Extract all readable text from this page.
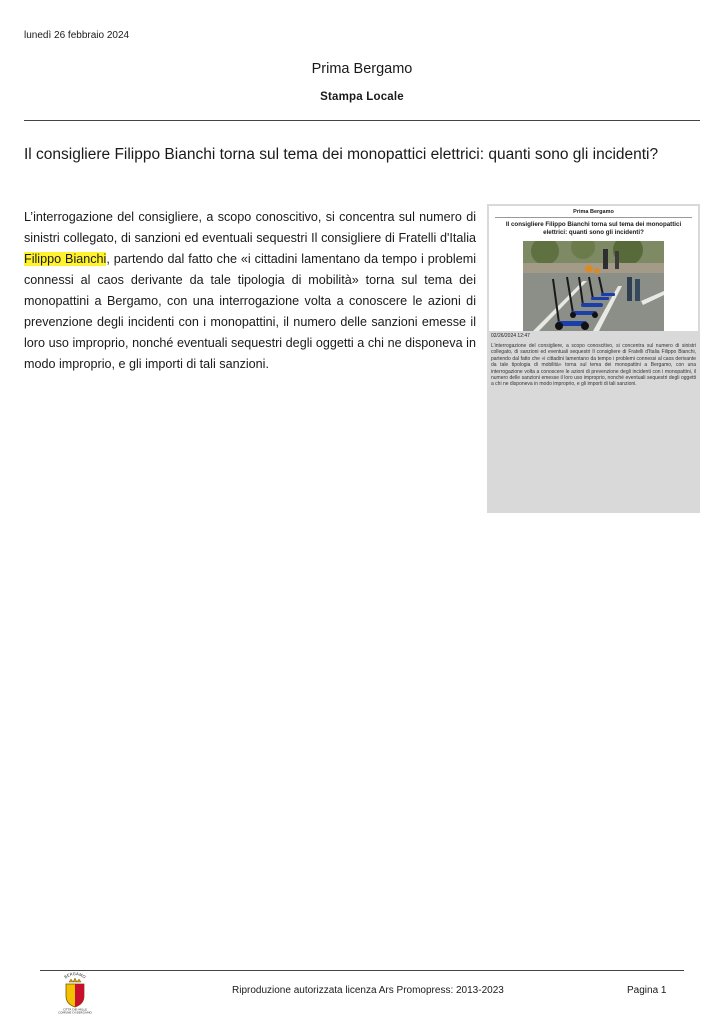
lunedì 26 febbraio 2024
Prima Bergamo
Stampa Locale
Il consigliere Filippo Bianchi torna sul tema dei monopattici elettrici: quanti sono gli incidenti?

L’interrogazione del consigliere, a scopo conoscitivo, si concentra sul numero di sinistri collegato, di sanzioni ed eventuali sequestri Il consigliere di Fratelli d'Italia Filippo Bianchi, partendo dal fatto che «i cittadini lamentano da tempo i problemi connessi al caos derivante da tale tipologia di mobilità» torna sul tema dei monopattini a Bergamo, con una interrogazione volta a conoscere le azioni di prevenzione degli incidenti con i monopattini, il numero delle sanzioni emesse il loro uso improprio, nonché eventuali sequestri degli oggetti a chi ne disponeva in modo improprio, e gli importi di tali sanzioni.

Prima Bergamo
Il consigliere Filippo Bianchi torna sul tema dei monopattici elettrici: quanti sono gli incidenti?
02/26/2024 12:47

L’interrogazione del consigliere, a scopo conoscitivo, si concentra sul numero di sinistri collegato, di sanzioni ed eventuali sequestri Il consigliere di Fratelli d'Italia Filippo Bianchi, partendo dal fatto che «i cittadini lamentano da tempo i problemi connessi al caos derivante da tale tipologia di mobilità» torna sul tema dei monopattini a Bergamo, con una interrogazione volta a conoscere le azioni di prevenzione degli incidenti con i monopattini, il numero delle sanzioni emesse il loro uso improprio, nonché eventuali sequestri degli oggetti a chi ne disponeva in modo improprio, e gli importi di tali sanzioni.

BERGAMO
CITTÀ DEI MILLE
COMUNE DI BERGAMO
Riproduzione autorizzata licenza Ars Promopress: 2013-2023	Pagina 1
